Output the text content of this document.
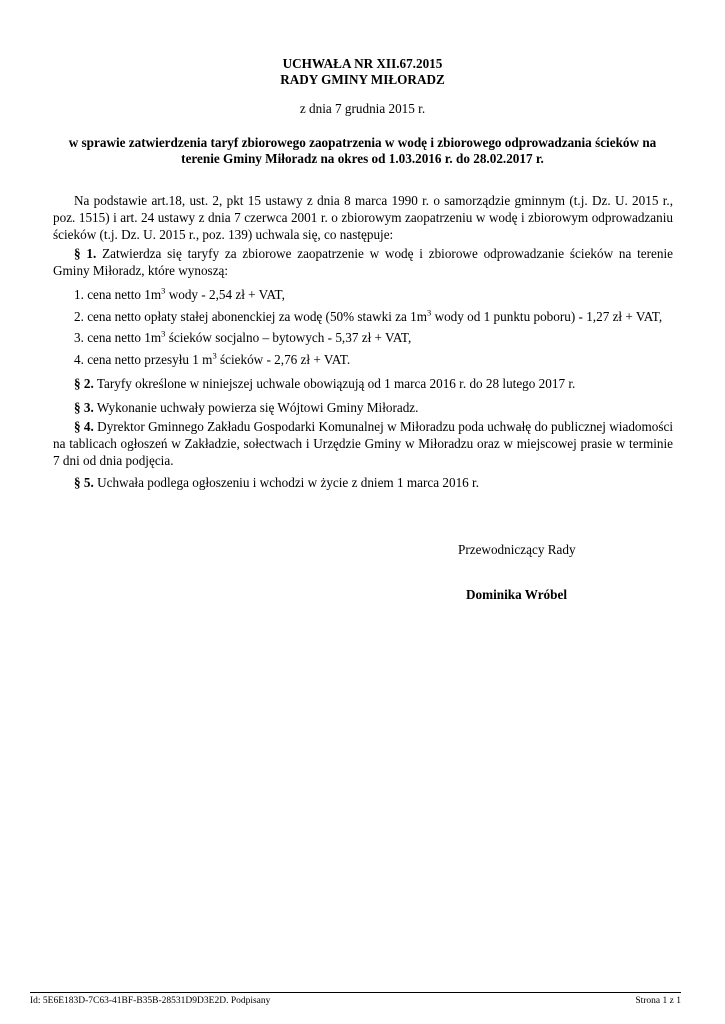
UCHWAŁA NR XII.67.2015
RADY GMINY MIŁORADZ
z dnia 7 grudnia 2015 r.
w sprawie zatwierdzenia taryf zbiorowego zaopatrzenia w wodę i zbiorowego odprowadzania ścieków na
terenie Gminy Miłoradz na okres od 1.03.2016 r. do 28.02.2017 r.
Na podstawie art.18, ust. 2, pkt 15 ustawy z dnia 8 marca 1990 r. o samorządzie gminnym (t.j. Dz. U. 2015 r., poz. 1515) i art. 24 ustawy z dnia 7 czerwca 2001 r. o zbiorowym zaopatrzeniu w wodę i zbiorowym odprowadzaniu ścieków (t.j. Dz. U. 2015 r., poz. 139) uchwala się, co następuje:
§ 1. Zatwierdza się taryfy za zbiorowe zaopatrzenie w wodę i zbiorowe odprowadzanie ścieków na terenie Gminy Miłoradz, które wynoszą:
1. cena netto $1m^3$ wody - 2,54 zł + VAT,
2. cena netto opłaty stałej abonenckiej za wodę (50% stawki za $1m^3$ wody od 1 punktu poboru) - 1,27 zł + VAT,
3. cena netto $1m^3$ ścieków socjalno – bytowych - 5,37 zł + VAT,
4. cena netto przesyłu 1 $m^3$ ścieków - 2,76 zł + VAT.
§ 2. Taryfy określone w niniejszej uchwale obowiązują od 1 marca 2016 r. do 28 lutego 2017 r.
§ 3. Wykonanie uchwały powierza się Wójtowi Gminy Miłoradz.
§ 4. Dyrektor Gminnego Zakładu Gospodarki Komunalnej w Miłoradzu poda uchwałę do publicznej wiadomości na tablicach ogłoszeń w Zakładzie, sołectwach i Urzędzie Gminy w Miłoradzu oraz w miejscowej prasie w terminie 7 dni od dnia podjęcia.
§ 5. Uchwała podlega ogłoszeniu i wchodzi w życie z dniem 1 marca 2016 r.
Przewodniczący Rady
Dominika Wróbel
Id: 5E6E183D-7C63-41BF-B35B-28531D9D3E2D. Podpisany	Strona 1 z 1
